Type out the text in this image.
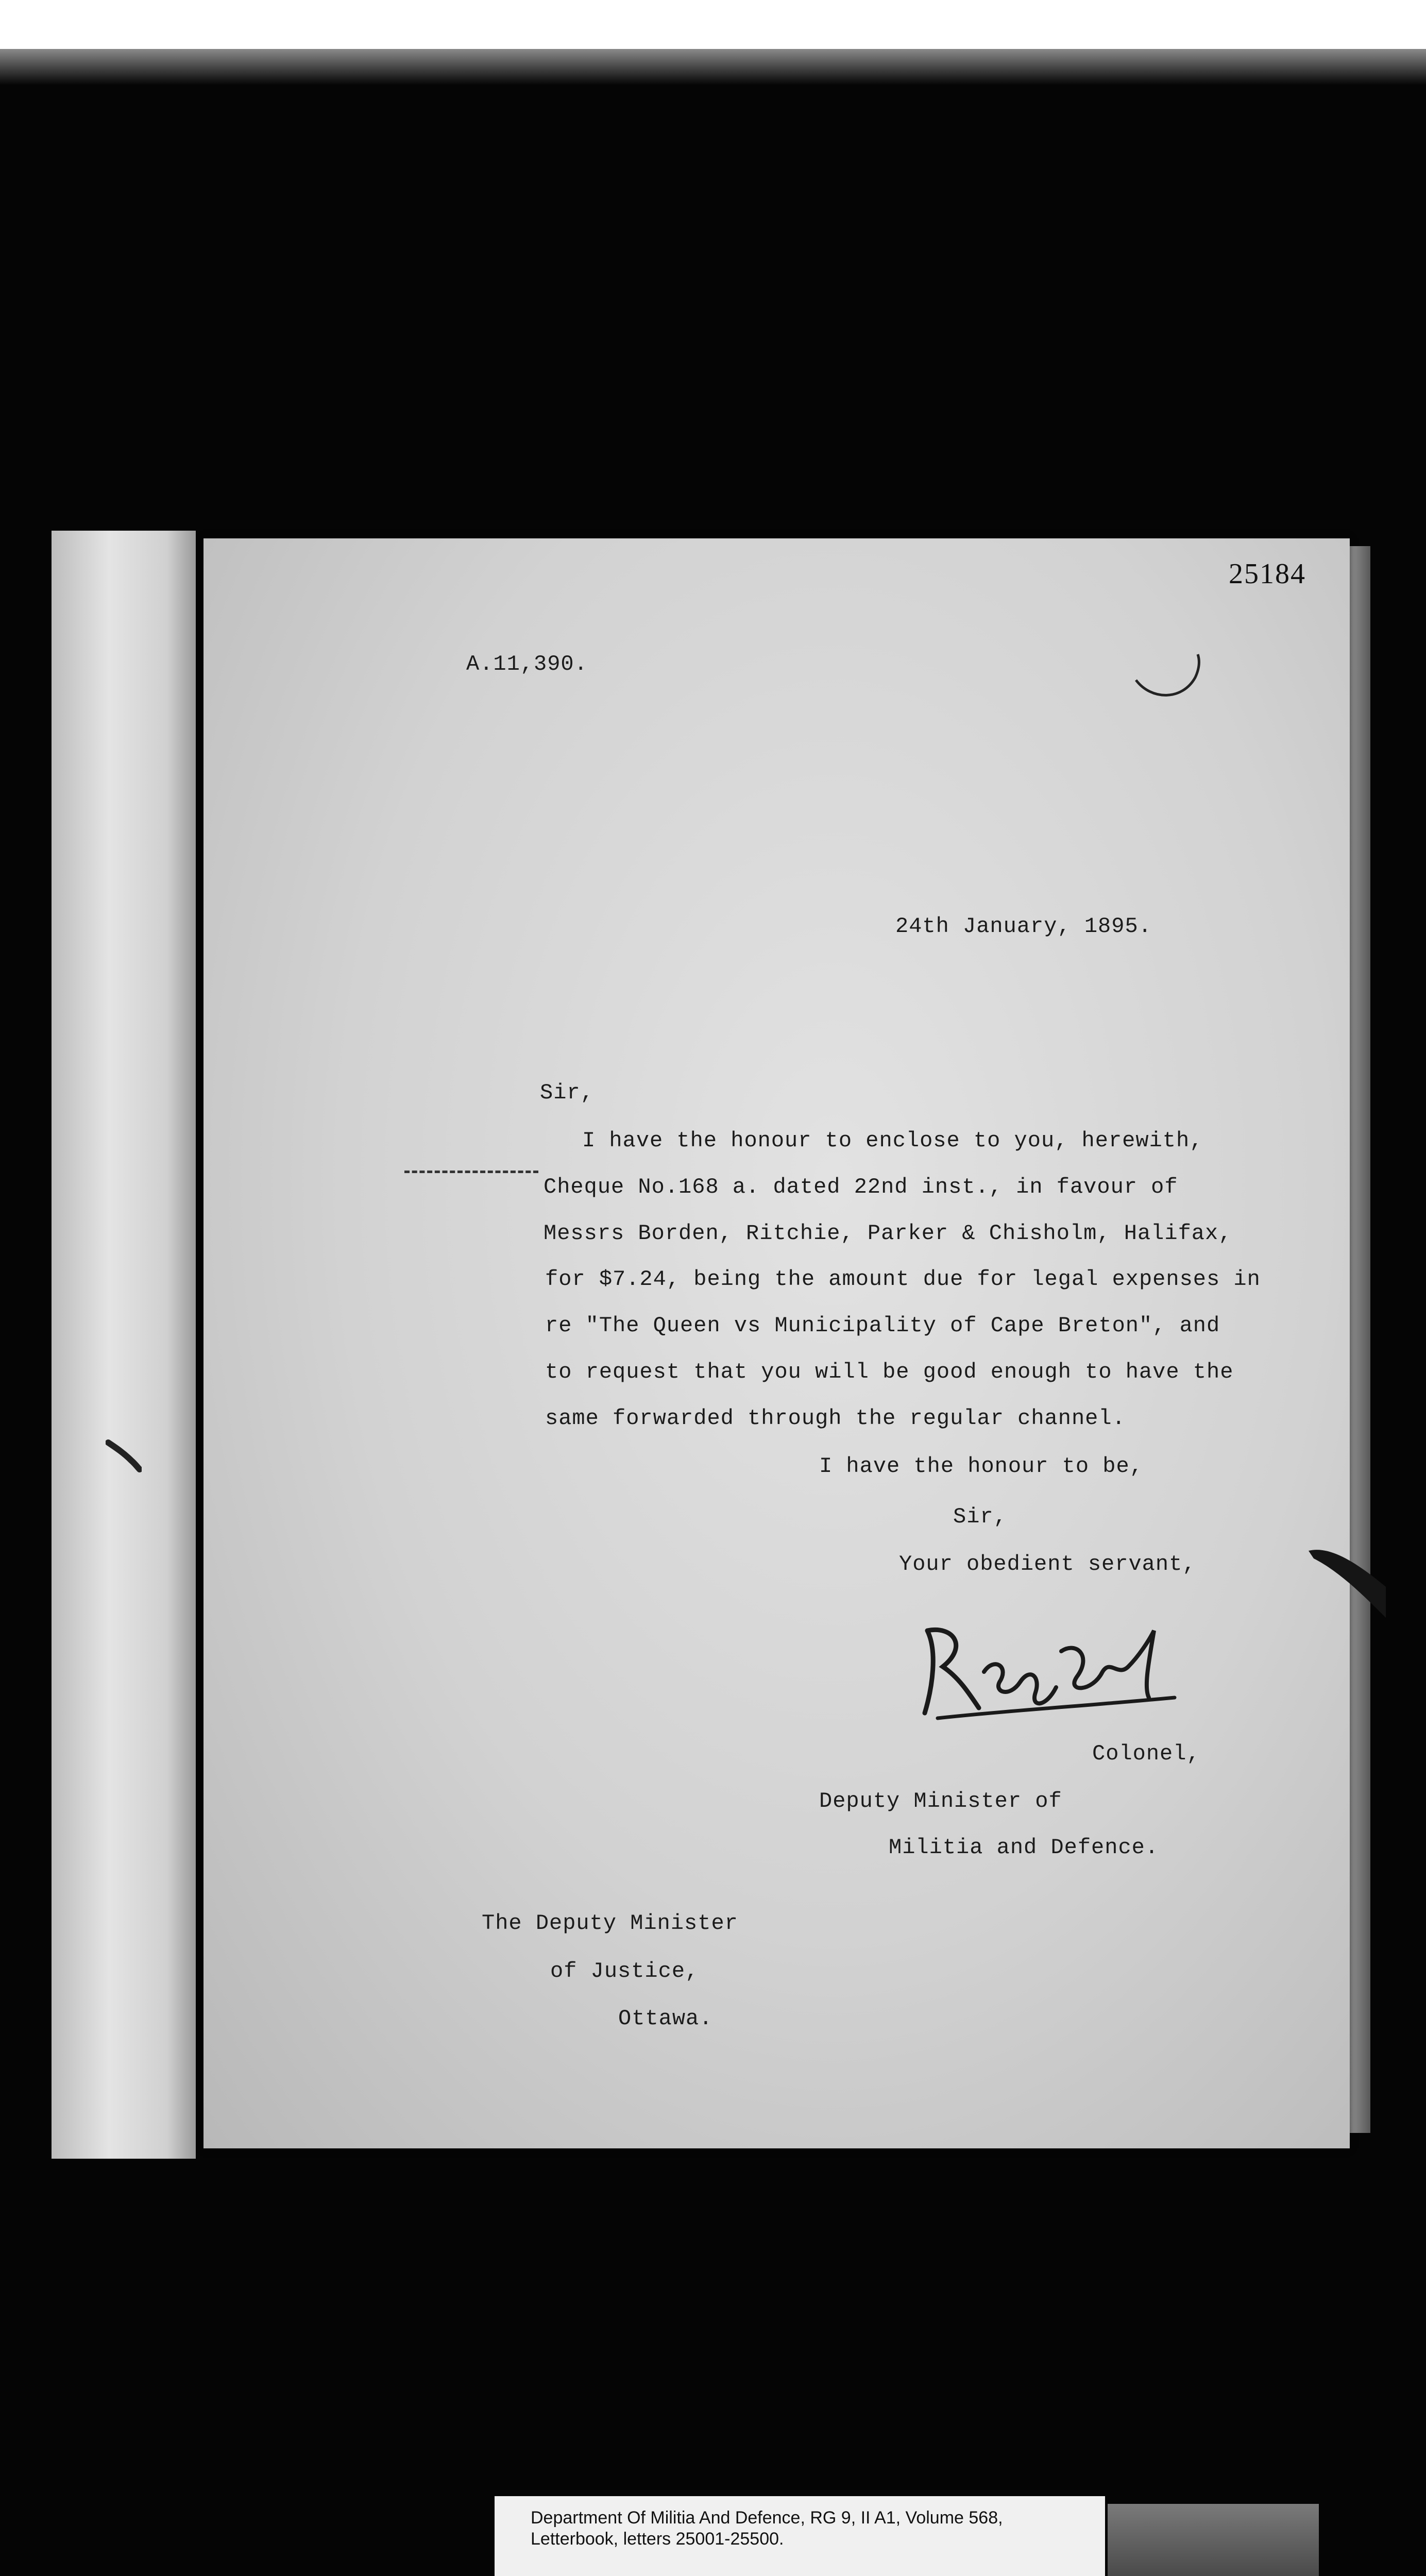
25184
A.11,390.
24th January, 1895.
Sir,
I have the honour to enclose to you, herewith,
Cheque No.168 a. dated 22nd inst., in favour of
Messrs Borden, Ritchie, Parker & Chisholm, Halifax,
for $7.24, being the amount due for legal expenses in
re "The Queen vs Municipality of Cape Breton", and
to request that you will be good enough to have the
same forwarded through the regular channel.
I have the honour to be,
Sir,
Your obedient servant,
Colonel,
Deputy Minister of
Militia and Defence.
The Deputy Minister
of Justice,
Ottawa.
Department Of Militia And Defence, RG 9, II A1, Volume 568,
Letterbook, letters 25001-25500.
